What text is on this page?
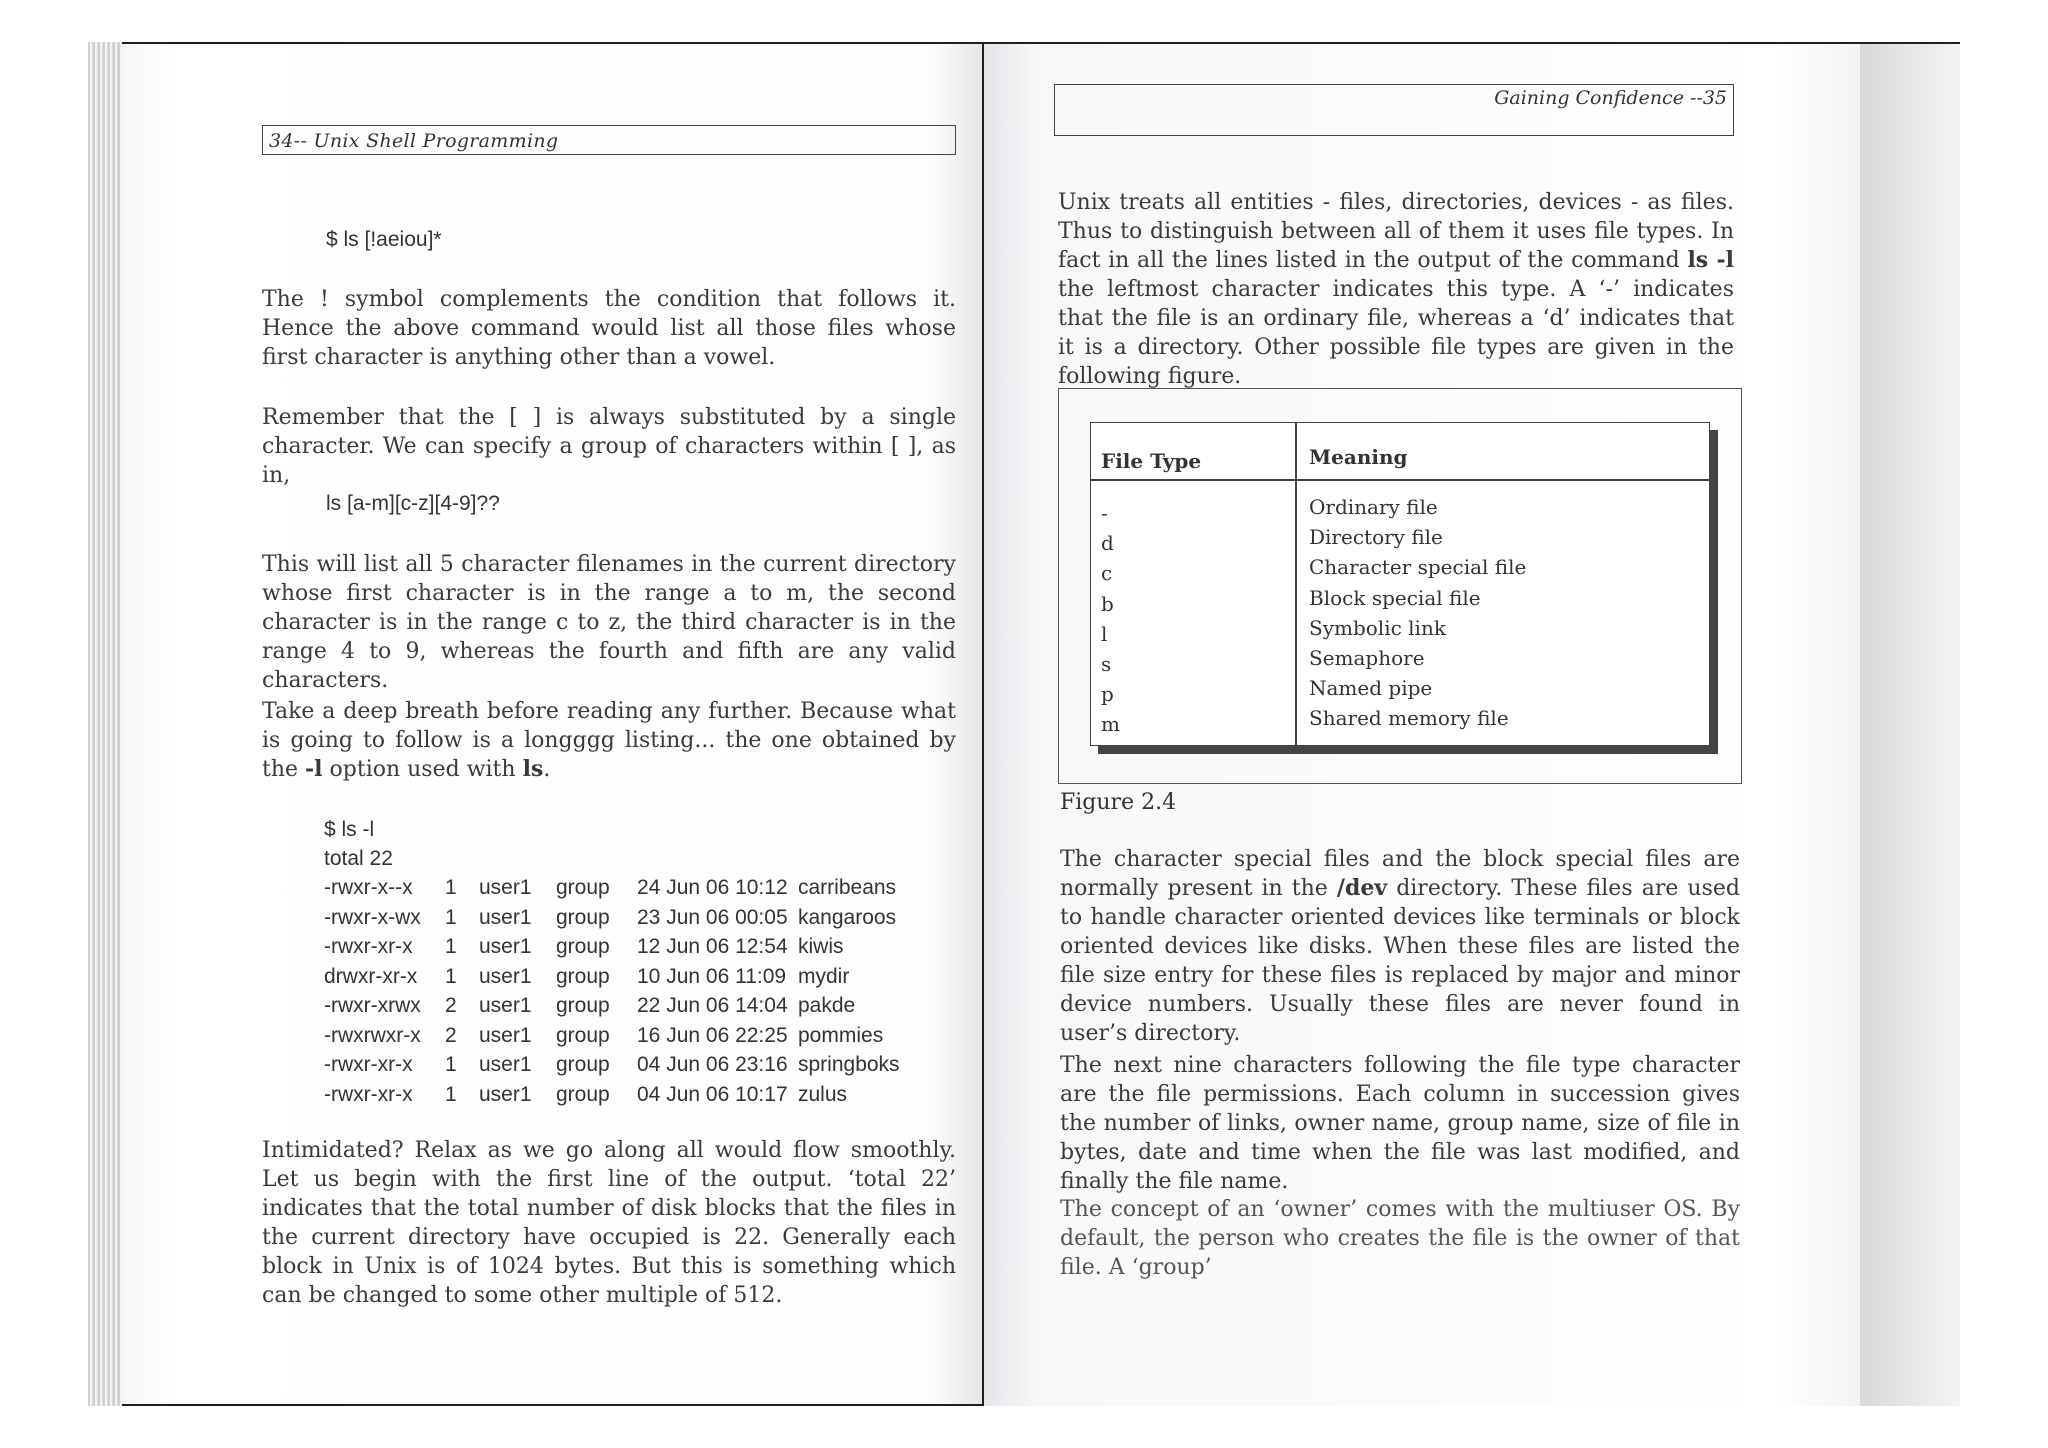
34-- Unix Shell Programming
$ ls [!aeiou]*

The ! symbol complements the condition that follows it. Hence the above command would list all those files whose first character is anything other than a vowel.

Remember that the [ ] is always substituted by a single character. We can specify a group of characters within [ ], as in,

ls [a-m][c-z][4-9]??

This will list all 5 character filenames in the current directory whose first character is in the range a to m, the second character is in the range c to z, the third character is in the range 4 to 9, whereas the fourth and fifth are any valid characters.

Take a deep breath before reading any further. Because what is going to follow is a longggg listing... the one obtained by the -l option used with ls.

$ ls -l
total 22
-rwxr-x--x 1 user1 group 24 Jun 06 10:12 carribeans
-rwxr-x-wx 1 user1 group 23 Jun 06 00:05 kangaroos
-rwxr-xr-x 1 user1 group 12 Jun 06 12:54 kiwis
drwxr-xr-x 1 user1 group 10 Jun 06 11:09 mydir
-rwxr-xrwx 2 user1 group 22 Jun 06 14:04 pakde
-rwxrwxr-x 2 user1 group 16 Jun 06 22:25 pommies
-rwxr-xr-x 1 user1 group 04 Jun 06 23:16 springboks
-rwxr-xr-x 1 user1 group 04 Jun 06 10:17 zulus

Intimidated? Relax as we go along all would flow smoothly. Let us begin with the first line of the output. ‘total 22’ indicates that the total number of disk blocks that the files in the current directory have occupied is 22. Generally each block in Unix is of 1024 bytes. But this is something which can be changed to some other multiple of 512.

Gaining Confidence --35

Unix treats all entities - files, directories, devices - as files. Thus to distinguish between all of them it uses file types. In fact in all the lines listed in the output of the command ls -l the leftmost character indicates this type. A ‘-’ indicates that the file is an ordinary file, whereas a ‘d’ indicates that it is a directory. Other possible file types are given in the following figure.

File Type	Meaning
-	Ordinary file
d	Directory file
c	Character special file
b	Block special file
l	Symbolic link
s	Semaphore
p	Named pipe
m	Shared memory file
Figure 2.4

The character special files and the block special files are normally present in the /dev directory. These files are used to handle character oriented devices like terminals or block oriented devices like disks. When these files are listed the file size entry for these files is replaced by major and minor device numbers. Usually these files are never found in user’s directory.

The next nine characters following the file type character are the file permissions. Each column in succession gives the number of links, owner name, group name, size of file in bytes, date and time when the file was last modified, and finally the file name.

The concept of an ‘owner’ comes with the multiuser OS. By default, the person who creates the file is the owner of that file. A ‘group’
